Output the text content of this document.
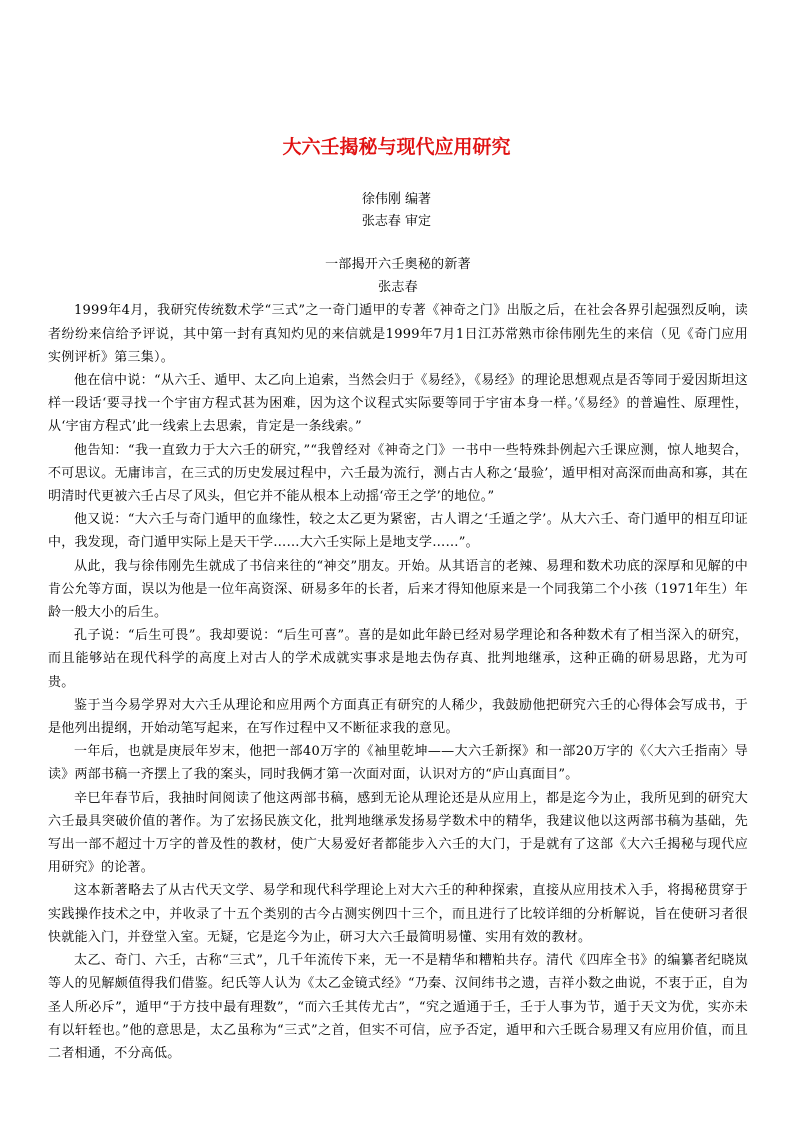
大六壬揭秘与现代应用研究
徐伟刚 编著
张志春 审定
一部揭开六壬奥秘的新著
张志春

1999年4月，我研究传统数术学“三式”之一奇门遁甲的专著《神奇之门》出版之后，在社会各界引起强烈反响，读者纷纷来信给予评说，其中第一封有真知灼见的来信就是1999年7月1日江苏常熟市徐伟刚先生的来信（见《奇门应用实例评析》第三集）。

他在信中说：“从六壬、遁甲、太乙向上追索，当然会归于《易经》，《易经》的理论思想观点是否等同于爱因斯坦这样一段话‘要寻找一个宇宙方程式甚为困难，因为这个议程式实际要等同于宇宙本身一样。’《易经》的普遍性、原理性，从‘宇宙方程式’此一线索上去思索，肯定是一条线索。”

他告知：“我一直致力于大六壬的研究，”“我曾经对《神奇之门》一书中一些特殊卦例起六壬课应测，惊人地契合，不可思议。无庸讳言，在三式的历史发展过程中，六壬最为流行，测占古人称之‘最验’，遁甲相对高深而曲高和寡，其在明清时代更被六壬占尽了风头，但它并不能从根本上动摇‘帝王之学’的地位。”

他又说：“大六壬与奇门遁甲的血缘性，较之太乙更为紧密，古人谓之‘壬遁之学’。从大六壬、奇门遁甲的相互印证中，我发现，奇门遁甲实际上是天干学……大六壬实际上是地支学……”。

从此，我与徐伟刚先生就成了书信来往的“神交”朋友。开始。从其语言的老辣、易理和数术功底的深厚和见解的中肯公允等方面，误以为他是一位年高资深、研易多年的长者，后来才得知他原来是一个同我第二个小孩（1971年生）年龄一般大小的后生。

孔子说：“后生可畏”。我却要说：“后生可喜”。喜的是如此年龄已经对易学理论和各种数术有了相当深入的研究，而且能够站在现代科学的高度上对古人的学术成就实事求是地去伪存真、批判地继承，这种正确的研易思路，尤为可贵。

鉴于当今易学界对大六壬从理论和应用两个方面真正有研究的人稀少，我鼓励他把研究六壬的心得体会写成书，于是他列出提纲，开始动笔写起来，在写作过程中又不断征求我的意见。

一年后，也就是庚辰年岁末，他把一部40万字的《袖里乾坤——大六壬新探》和一部20万字的《〈大六壬指南〉导读》两部书稿一齐摆上了我的案头，同时我俩才第一次面对面，认识对方的“庐山真面目”。

辛巳年春节后，我抽时间阅读了他这两部书稿，感到无论从理论还是从应用上，都是迄今为止，我所见到的研究大六壬最具突破价值的著作。为了宏扬民族文化，批判地继承发扬易学数术中的精华，我建议他以这两部书稿为基础，先写出一部不超过十万字的普及性的教材，使广大易爱好者都能步入六壬的大门，于是就有了这部《大六壬揭秘与现代应用研究》的论著。

这本新著略去了从古代天文学、易学和现代科学理论上对大六壬的种种探索，直接从应用技术入手，将揭秘贯穿于实践操作技术之中，并收录了十五个类别的古今占测实例四十三个，而且进行了比较详细的分析解说，旨在使研习者很快就能入门，并登堂入室。无疑，它是迄今为止，研习大六壬最简明易懂、实用有效的教材。

太乙、奇门、六壬，古称“三式”，几千年流传下来，无一不是精华和糟粕共存。清代《四库全书》的编纂者纪晓岚等人的见解颇值得我们借鉴。纪氏等人认为《太乙金镜式经》“乃秦、汉间纬书之遗，吉祥小数之曲说，不衷于正，自为圣人所必斥”，遁甲“于方技中最有理数”，“而六壬其传尤古”，“究之遁通于壬，壬于人事为节，遁于天文为优，实亦未有以轩轾也。”他的意思是，太乙虽称为“三式”之首，但实不可信，应予否定，遁甲和六壬既合易理又有应用价值，而且二者相通，不分高低。
